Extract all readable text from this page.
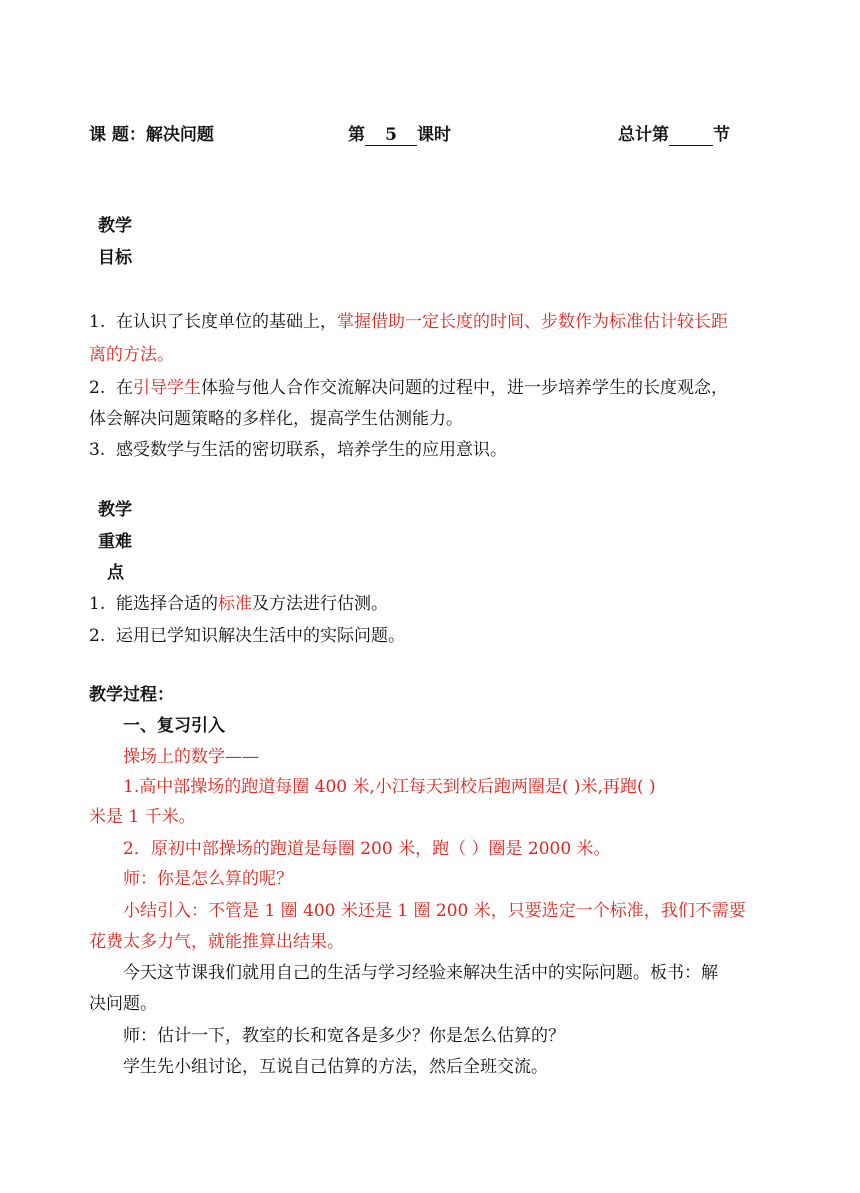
课 题：解决问题	第 5 课时	总计第	节
教学
目标
1. 在认识了长度单位的基础上，掌握借助一定长度的时间、步数作为标准估计较长距
离的方法。
2. 在引导学生体验与他人合作交流解决问题的过程中，进一步培养学生的长度观念，
体会解决问题策略的多样化，提高学生估测能力。
3. 感受数学与生活的密切联系，培养学生的应用意识。
教学
重难
点
1. 能选择合适的标准及方法进行估测。
2. 运用已学知识解决生活中的实际问题。
教学过程：
一、复习引入
操场上的数学——
1.高中部操场的跑道每圈 400 米,小江每天到校后跑两圈是( )米,再跑( )
米是 1 千米。
2．原初中部操场的跑道是每圈 200 米，跑（ ）圈是 2000 米。
师：你是怎么算的呢？
小结引入：不管是 1 圈 400 米还是 1 圈 200 米，只要选定一个标准，我们不需要
花费太多力气，就能推算出结果。
今天这节课我们就用自己的生活与学习经验来解决生活中的实际问题。板书：解
决问题。
师：估计一下，教室的长和宽各是多少？你是怎么估算的？
学生先小组讨论，互说自己估算的方法，然后全班交流。
